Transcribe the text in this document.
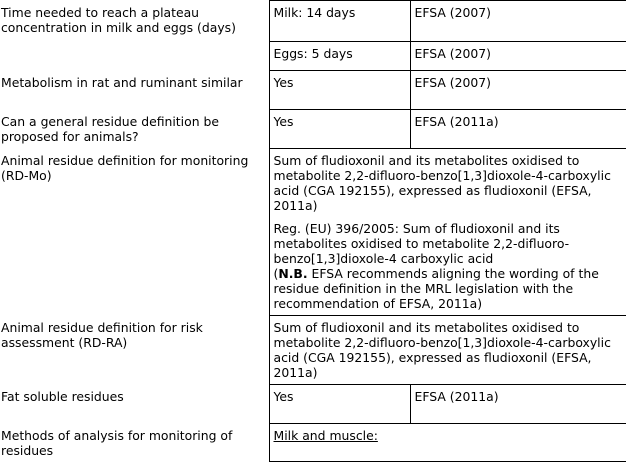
Time needed to reach a plateau concentration in milk and eggs (days)	Milk: 14 days	EFSA (2007)
	Eggs: 5 days	EFSA (2007)
Metabolism in rat and ruminant similar	Yes	EFSA (2007)
Can a general residue definition be proposed for animals?	Yes	EFSA (2011a)
Animal residue definition for monitoring (RD-Mo)	Sum of fludioxonil and its metabolites oxidised to metabolite 2,2-difluoro-benzo[1,3]dioxole-4-carboxylic acid (CGA 192155), expressed as fludioxonil (EFSA, 2011a)

Reg. (EU) 396/2005: Sum of fludioxonil and its metabolites oxidised to metabolite 2,2-difluoro-benzo[1,3]dioxole-4 carboxylic acid
(N.B. EFSA recommends aligning the wording of the residue definition in the MRL legislation with the recommendation of EFSA, 2011a)	

Animal residue definition for risk assessment (RD-RA)	Sum of fludioxonil and its metabolites oxidised to metabolite 2,2-difluoro-benzo[1,3]dioxole-4-carboxylic acid (CGA 192155), expressed as fludioxonil (EFSA, 2011a)	
Fat soluble residues	Yes	EFSA (2011a)
Methods of analysis for monitoring of residues	Milk and muscle:	
